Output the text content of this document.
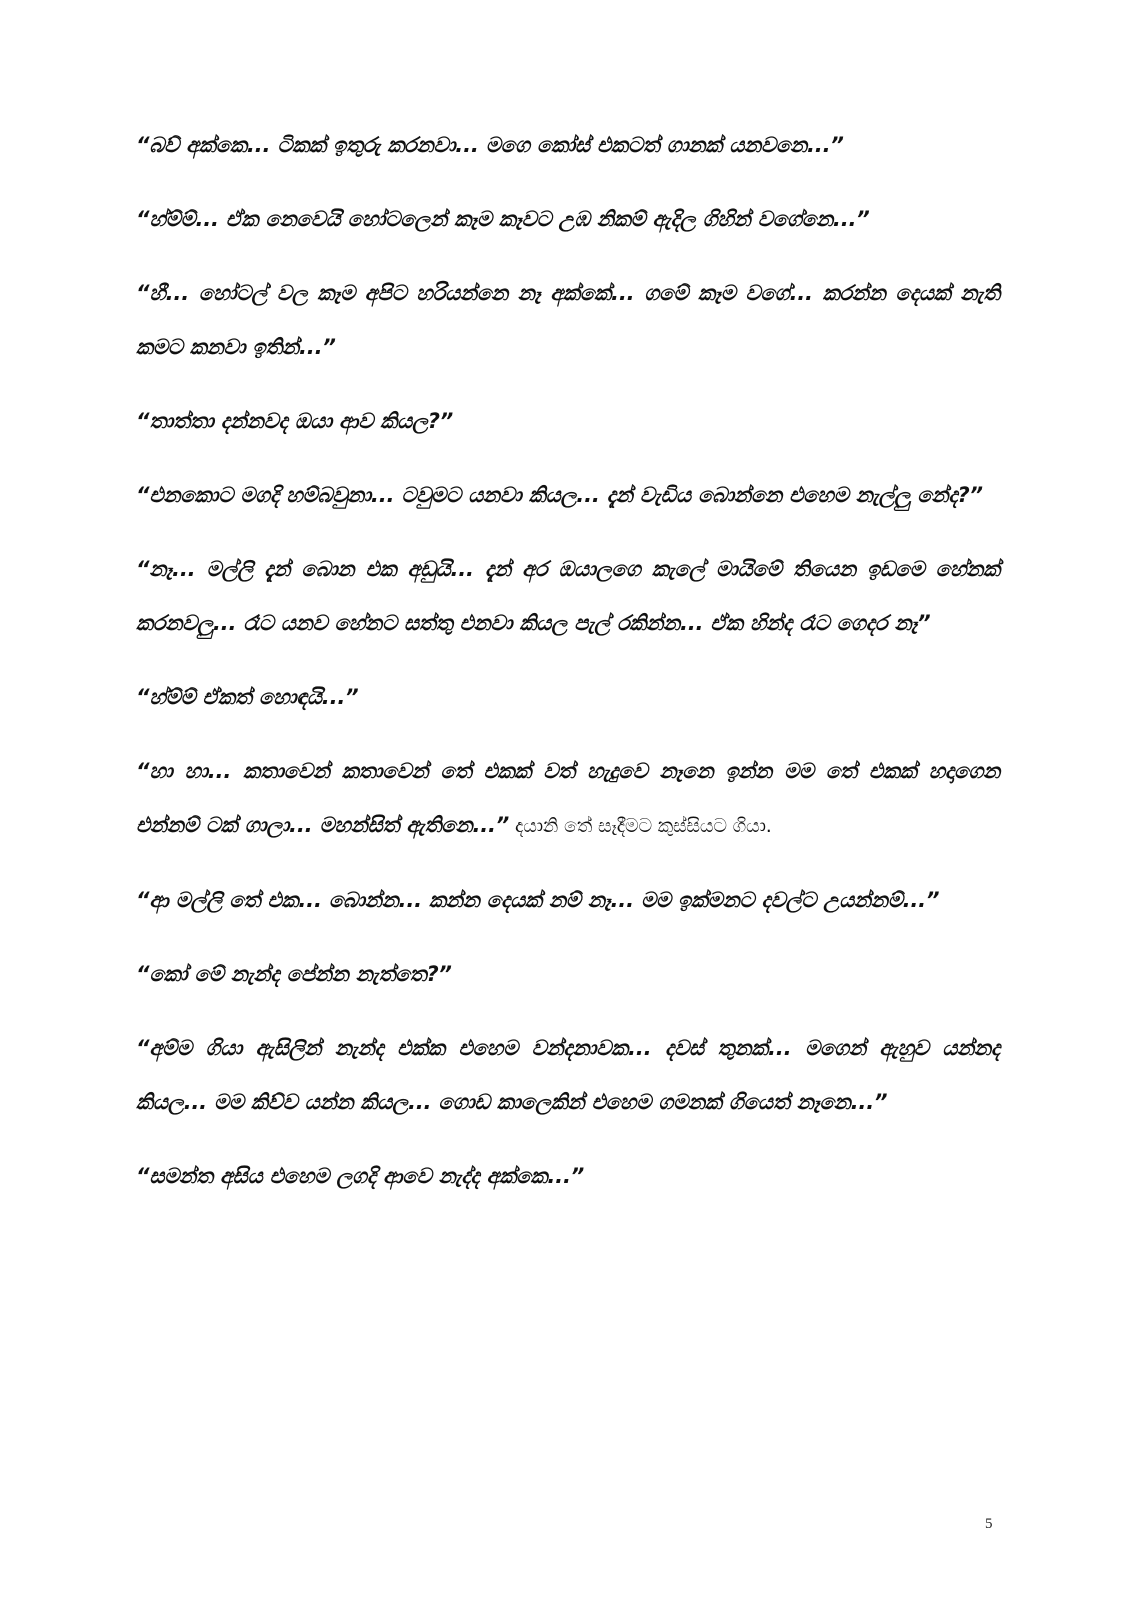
“බව් අක්කෙ... ටිකක් ඉතුරු කරනවා... මගෙ කෝස් එකටත් ගානක් යනවනෙ...”

“හ්ම්ම්... ඒක නෙවෙයි හෝටලෙන් කෑම කෑවට උඹ නිකම් ඇදිල ගිහින් වගේනෙ...”

“හී... හෝටල් වල කෑම අපිට හරියන්නෙ නෑ අක්කේ... ගමේ කෑම වගේ... කරන්න දෙයක් නැති කමට කනවා ඉතින්...”

“තාත්තා දන්නවද ඔයා ආව කියල?”

“එනකොට මගදි හම්බවුනා... ටවුමට යනවා කියල... දැන් වැඩිය බොන්නෙ එහෙම නැල්ලු නේද?”

“නෑ... මල්ලි දැන් බොන එක අඩුයි... දැන් අර ඔයාලගෙ කැලේ මායිමේ තියෙන ඉඩමෙ හේනක් කරනවලු... රෑට යනව හේනට සත්තු එනවා කියල පැල් රකින්න... ඒක හින්ද රෑට ගෙදර නෑ”

“හ්ම්ම් ඒකත් හොඳයි...”

“හා හා... කතාවෙන් කතාවෙන් තේ එකක් වත් හැදුවෙ නෑනෙ ඉන්න මම තේ එකක් හදාගෙන එන්නම් ටක් ගාලා... මහන්සිත් ඇතිනෙ...” දයානි තේ සෑදීමට කුස්සියට ගියා.

“ආ මල්ලි තේ එක... බොන්න... කන්න දෙයක් නම් නෑ... මම ඉක්මනට දවල්ට උයන්නම්...”

“කෝ මේ නැන්ද පේන්න නැත්තෙ?”

“අම්ම ගියා ඇසිලින් නැන්ද එක්ක එහෙම වන්දනාවක... දවස් තුනක්... මගෙන් ඇහුව යන්නද කියල... මම කිව්ව යන්න කියල... ගොඩ කාලෙකින් එහෙම ගමනක් ගියෙත් නෑනෙ...”

“සමන්ත අසිය එහෙම ලගදි ආවෙ නැද්ද අක්කෙ...”

5
